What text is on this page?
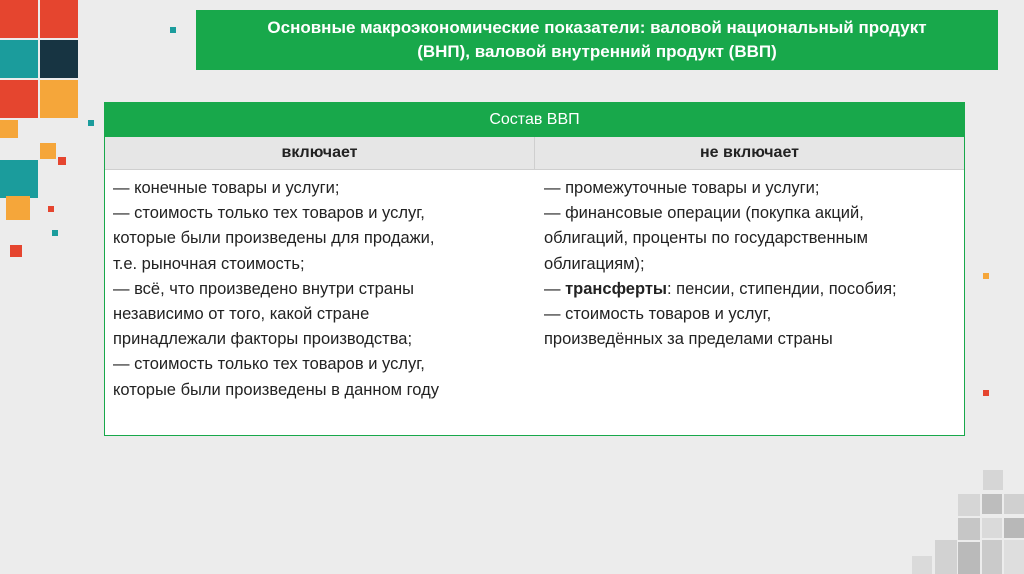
Основные макроэкономические показатели: валовой национальный продукт
(ВНП), валовой внутренний продукт (ВВП)
Состав ВВП
включает	не включает
— конечные товары и услуги;
— стоимость только тех товаров и услуг,
которые были произведены для продажи,
т.е. рыночная стоимость;
— всё, что произведено внутри страны
независимо от того, какой стране
принадлежали факторы производства;
— стоимость только тех товаров и услуг,
которые были произведены в данном году
— промежуточные товары и услуги;
— финансовые операции (покупка акций,
облигаций, проценты по государственным
облигациям);
— трансферты: пенсии, стипендии, пособия;
— стоимость товаров и услуг,
произведённых за пределами страны
